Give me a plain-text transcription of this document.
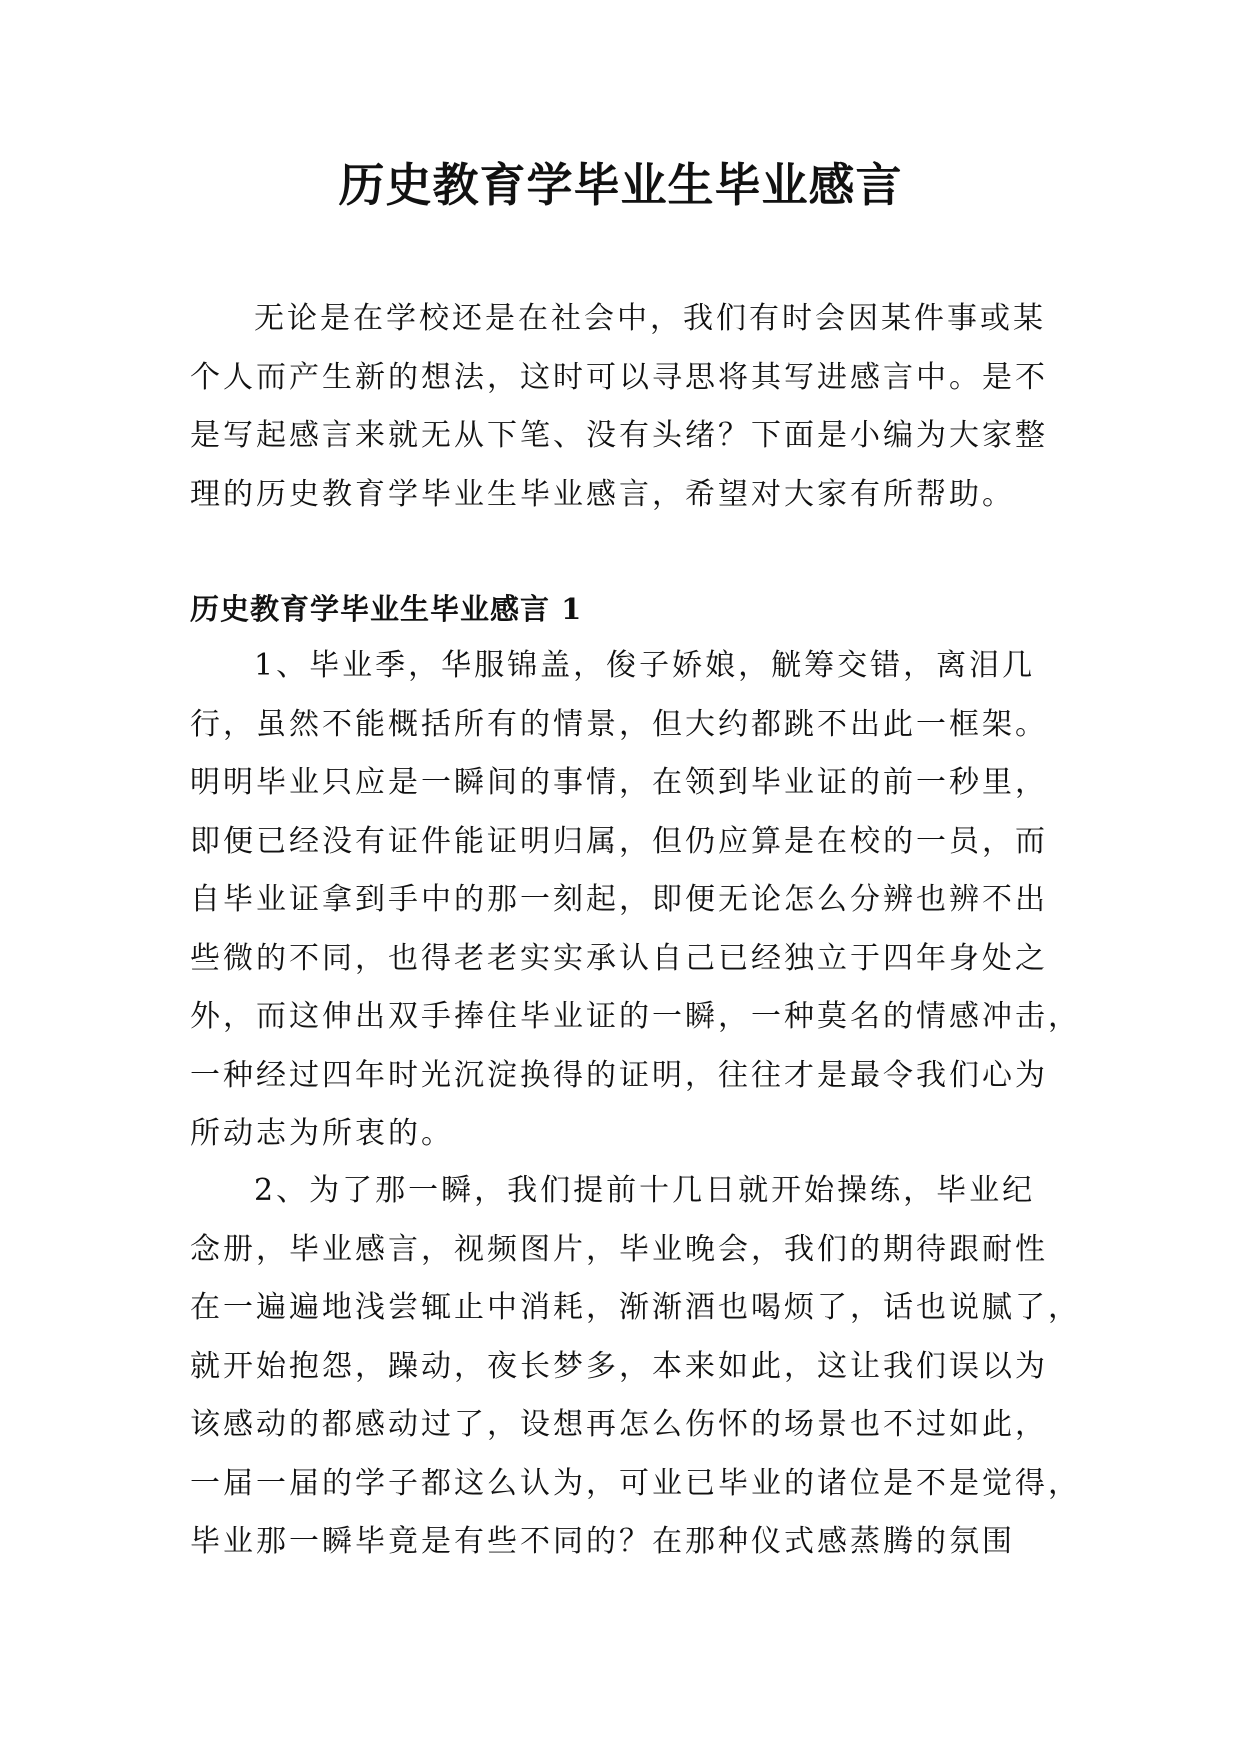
历史教育学毕业生毕业感言
无论是在学校还是在社会中，我们有时会因某件事或某
个人而产生新的想法，这时可以寻思将其写进感言中。是不
是写起感言来就无从下笔、没有头绪？下面是小编为大家整
理的历史教育学毕业生毕业感言，希望对大家有所帮助。
历史教育学毕业生毕业感言 1
1、毕业季，华服锦盖，俊子娇娘，觥筹交错，离泪几
行，虽然不能概括所有的情景，但大约都跳不出此一框架。
明明毕业只应是一瞬间的事情，在领到毕业证的前一秒里，
即便已经没有证件能证明归属，但仍应算是在校的一员，而
自毕业证拿到手中的那一刻起，即便无论怎么分辨也辨不出
些微的不同，也得老老实实承认自己已经独立于四年身处之
外，而这伸出双手捧住毕业证的一瞬，一种莫名的情感冲击，
一种经过四年时光沉淀换得的证明，往往才是最令我们心为
所动志为所衷的。
2、为了那一瞬，我们提前十几日就开始操练，毕业纪
念册，毕业感言，视频图片，毕业晚会，我们的期待跟耐性
在一遍遍地浅尝辄止中消耗，渐渐酒也喝烦了，话也说腻了，
就开始抱怨，躁动，夜长梦多，本来如此，这让我们误以为
该感动的都感动过了，设想再怎么伤怀的场景也不过如此，
一届一届的学子都这么认为，可业已毕业的诸位是不是觉得，
毕业那一瞬毕竟是有些不同的？在那种仪式感蒸腾的氛围
